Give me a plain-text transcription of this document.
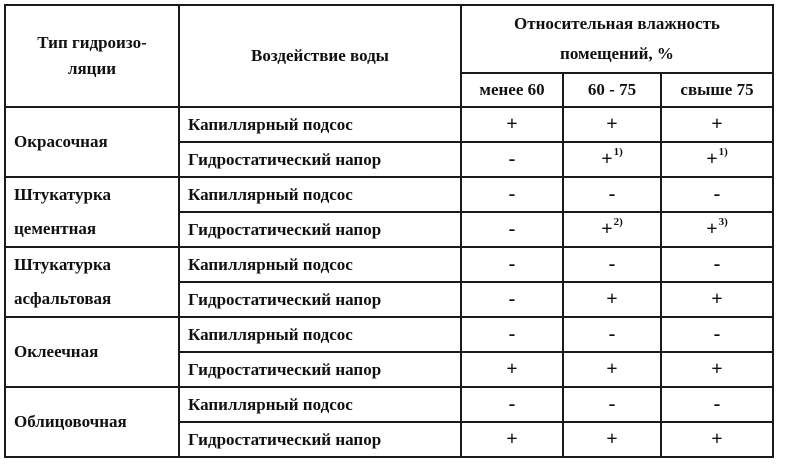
Тип гидроизо-
ляции	Воздействие воды	Относительная влажность
помещений, %		

		менее 60	60 - 75	свыше 75

Окрасочная	Капиллярный подсос	+	+	+
	Гидростатический напор	-	+$^{1)}$	+$^{1)}$

Штукатурка
цементная	Капиллярный подсос	-	-	-
	Гидростатический напор	-	+$^{2)}$	+$^{3)}$

Штукатурка
асфальтовая	Капиллярный подсос	-	-	-
	Гидростатический напор	-	+	+

Оклеечная	Капиллярный подсос	-	-	-
	Гидростатический напор	+	+	+

Облицовочная	Капиллярный подсос	-	-	-
	Гидростатический напор	+	+	+
